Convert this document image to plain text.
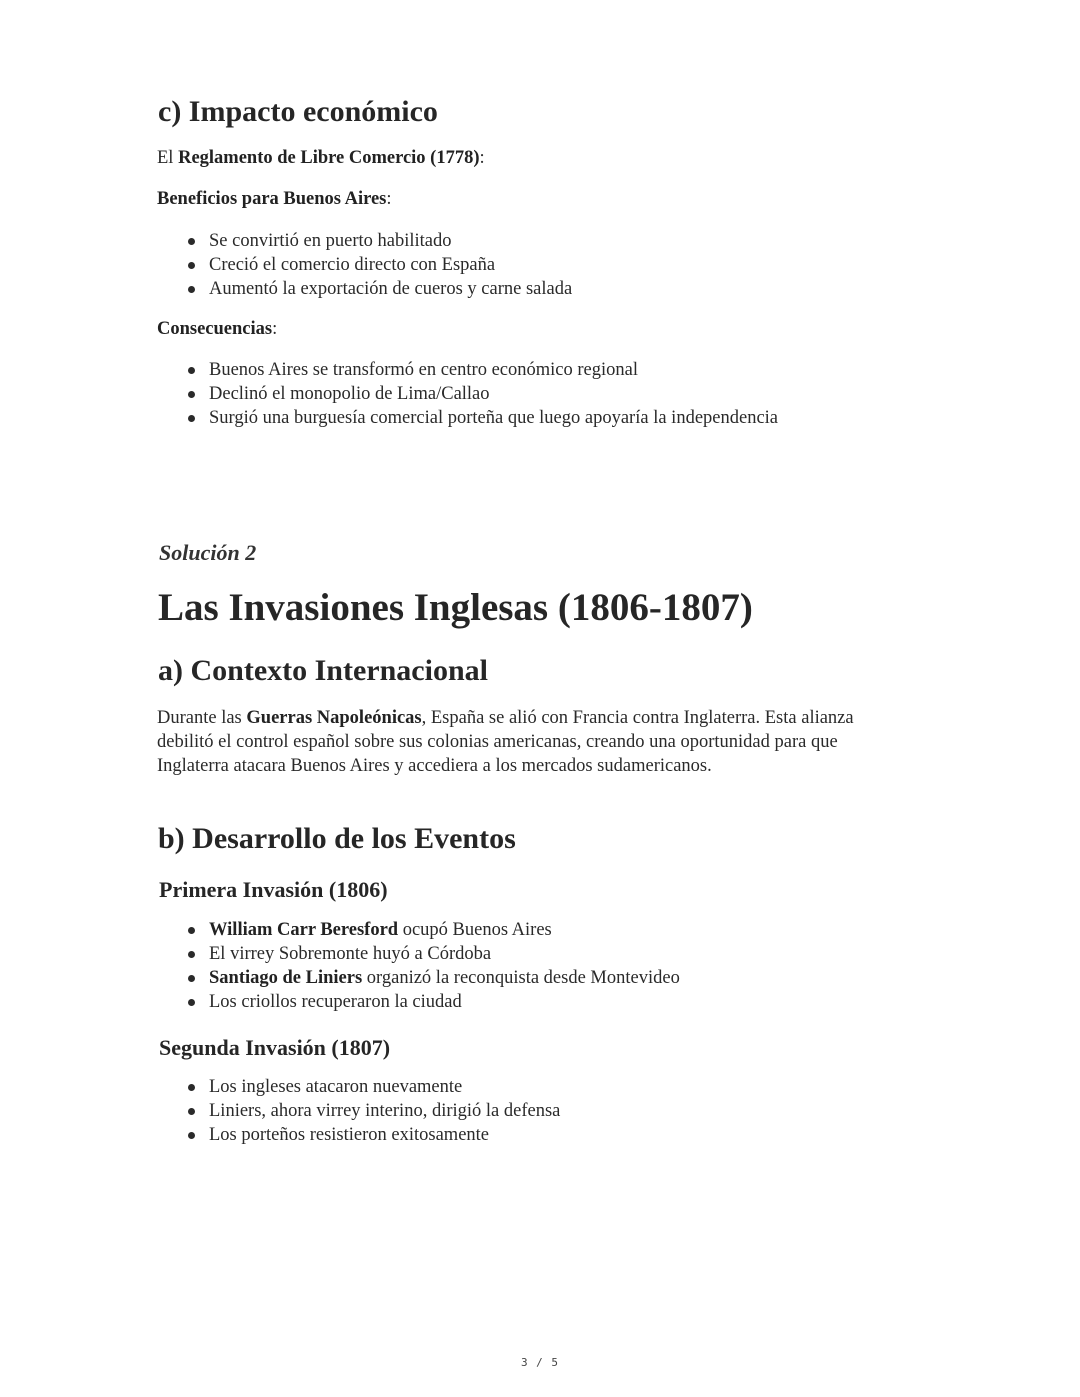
c) Impacto económico

El Reglamento de Libre Comercio (1778):

Beneficios para Buenos Aires:

Se convirtió en puerto habilitado
Creció el comercio directo con España
Aumentó la exportación de cueros y carne salada

Consecuencias:

Buenos Aires se transformó en centro económico regional
Declinó el monopolio de Lima/Callao
Surgió una burguesía comercial porteña que luego apoyaría la independencia

Solución 2

Las Invasiones Inglesas (1806-1807)
a) Contexto Internacional

Durante las Guerras Napoleónicas, España se alió con Francia contra Inglaterra. Esta alianza debilitó el control español sobre sus colonias americanas, creando una oportunidad para que Inglaterra atacara Buenos Aires y accediera a los mercados sudamericanos.

b) Desarrollo de los Eventos
Primera Invasión (1806)
William Carr Beresford ocupó Buenos Aires
El virrey Sobremonte huyó a Córdoba
Santiago de Liniers organizó la reconquista desde Montevideo
Los criollos recuperaron la ciudad
Segunda Invasión (1807)
Los ingleses atacaron nuevamente
Liniers, ahora virrey interino, dirigió la defensa
Los porteños resistieron exitosamente
3 / 5
